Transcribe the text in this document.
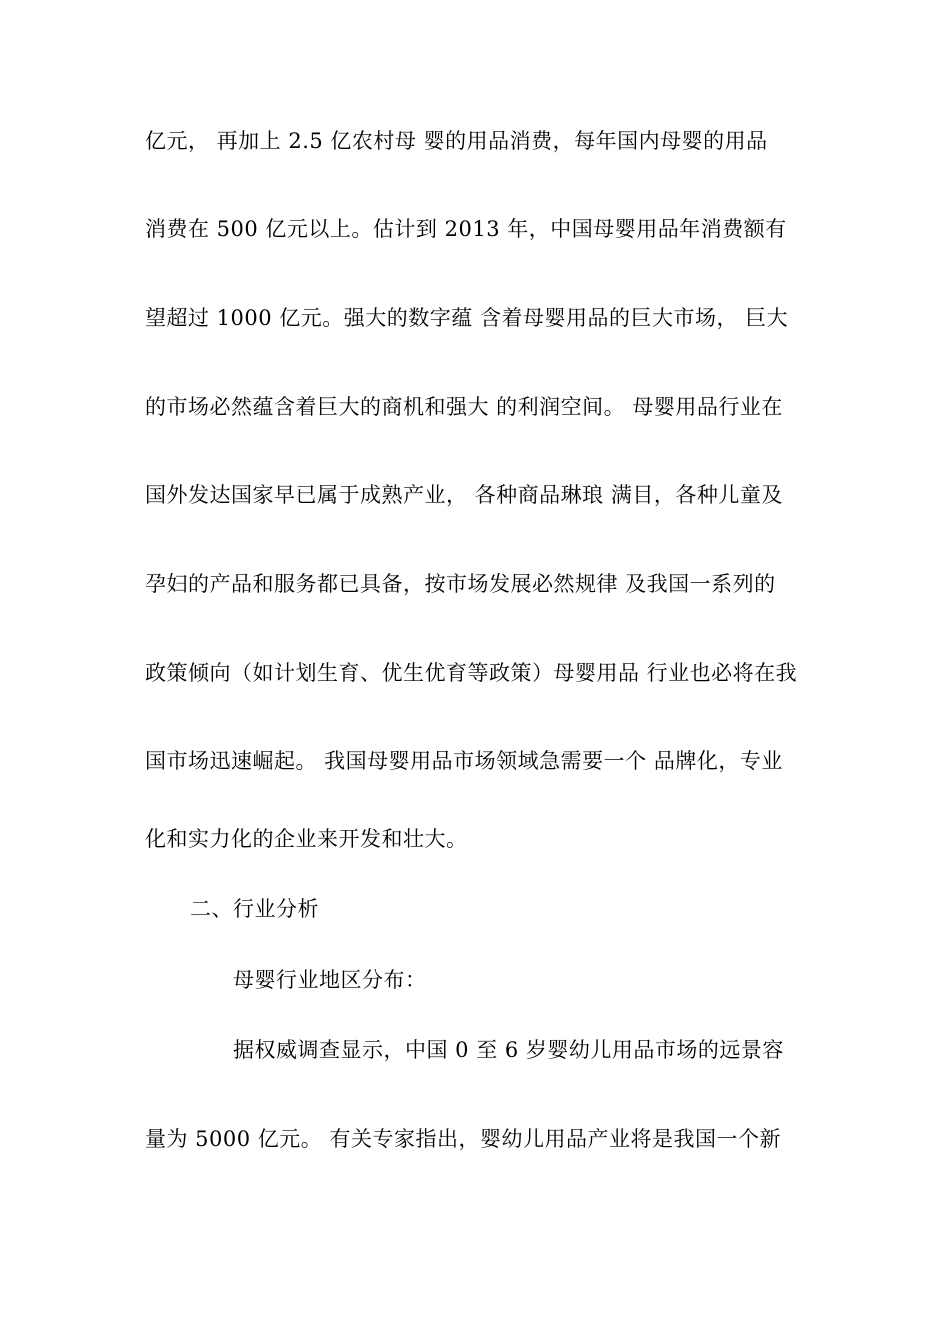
亿元， 再加上 2.5 亿农村母 婴的用品消费，每年国内母婴的用品
消费在 500 亿元以上。估计到 2013 年，中国母婴用品年消费额有
望超过 1000 亿元。强大的数字蕴 含着母婴用品的巨大市场， 巨大
的市场必然蕴含着巨大的商机和强大 的利润空间。 母婴用品行业在
国外发达国家早已属于成熟产业， 各种商品琳琅 满目，各种儿童及
孕妇的产品和服务都已具备，按市场发展必然规律 及我国一系列的
政策倾向（如计划生育、优生优育等政策）母婴用品 行业也必将在我
国市场迅速崛起。 我国母婴用品市场领域急需要一个 品牌化，专业
化和实力化的企业来开发和壮大。
二、行业分析
母婴行业地区分布：
据权威调查显示，中国 0 至 6 岁婴幼儿用品市场的远景容
量为 5000 亿元。 有关专家指出，婴幼儿用品产业将是我国一个新
